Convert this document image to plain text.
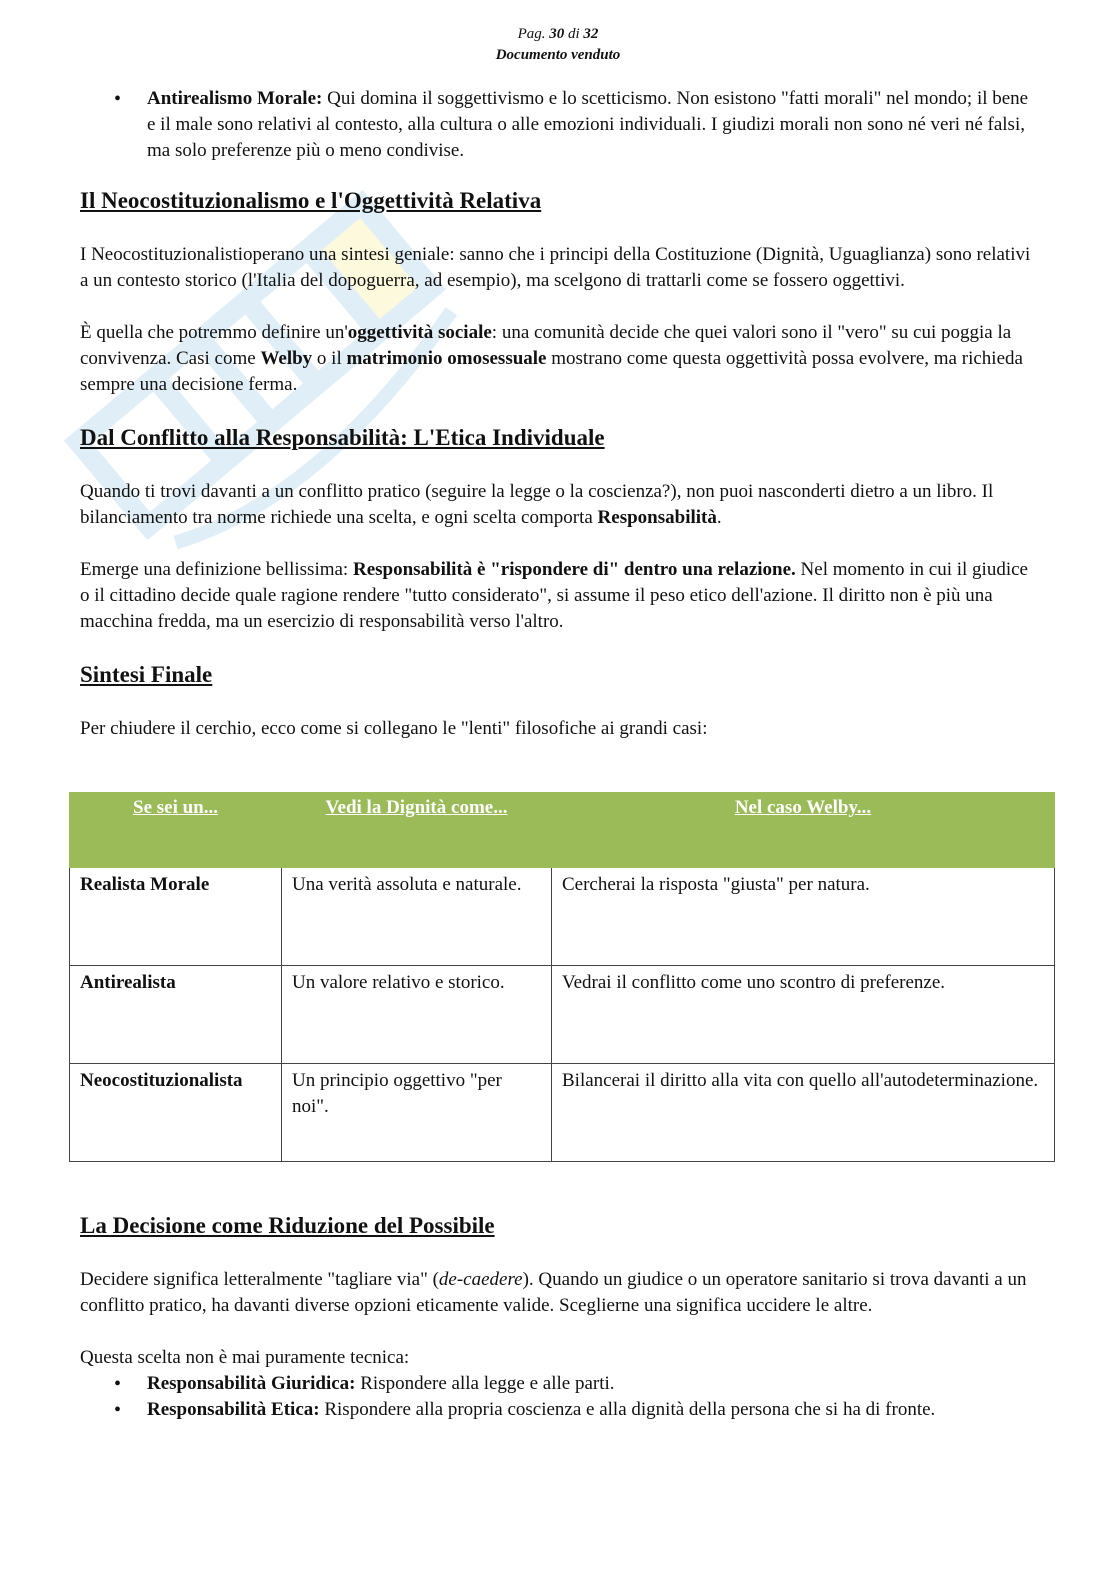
Pag. 30 di 32
Documento venduto
• Antirealismo Morale: Qui domina il soggettivismo e lo scetticismo. Non esistono "fatti morali" nel mondo; il bene e il male sono relativi al contesto, alla cultura o alle emozioni individuali. I giudizi morali non sono né veri né falsi, ma solo preferenze più o meno condivise.
Il Neocostituzionalismo e l'Oggettività Relativa

I Neocostituzionalistioperano una sintesi geniale: sanno che i principi della Costituzione (Dignità, Uguaglianza) sono relativi a un contesto storico (l'Italia del dopoguerra, ad esempio), ma scelgono di trattarli come se fossero oggettivi.

È quella che potremmo definire un'oggettività sociale: una comunità decide che quei valori sono il "vero" su cui poggia la convivenza. Casi come Welby o il matrimonio omosessuale mostrano come questa oggettività possa evolvere, ma richieda sempre una decisione ferma.

Dal Conflitto alla Responsabilità: L'Etica Individuale

Quando ti trovi davanti a un conflitto pratico (seguire la legge o la coscienza?), non puoi nasconderti dietro a un libro. Il bilanciamento tra norme richiede una scelta, e ogni scelta comporta Responsabilità.

Emerge una definizione bellissima: Responsabilità è "rispondere di" dentro una relazione. Nel momento in cui il giudice o il cittadino decide quale ragione rendere "tutto considerato", si assume il peso etico dell'azione. Il diritto non è più una macchina fredda, ma un esercizio di responsabilità verso l'altro.

Sintesi Finale

Per chiudere il cerchio, ecco come si collegano le "lenti" filosofiche ai grandi casi:

Se sei un...	Vedi la Dignità come...	Nel caso Welby...
Realista Morale	Una verità assoluta e naturale.	Cercherai la risposta "giusta" per natura.
Antirealista	Un valore relativo e storico.	Vedrai il conflitto come uno scontro di preferenze.
Neocostituzionalista	Un principio oggettivo "per noi".	Bilancerai il diritto alla vita con quello all'autodeterminazione.
La Decisione come Riduzione del Possibile

Decidere significa letteralmente "tagliare via" (de-caedere). Quando un giudice o un operatore sanitario si trova davanti a un conflitto pratico, ha davanti diverse opzioni eticamente valide. Sceglierne una significa uccidere le altre.

Questa scelta non è mai puramente tecnica:

• Responsabilità Giuridica: Rispondere alla legge e alle parti.
• Responsabilità Etica: Rispondere alla propria coscienza e alla dignità della persona che si ha di fronte.
